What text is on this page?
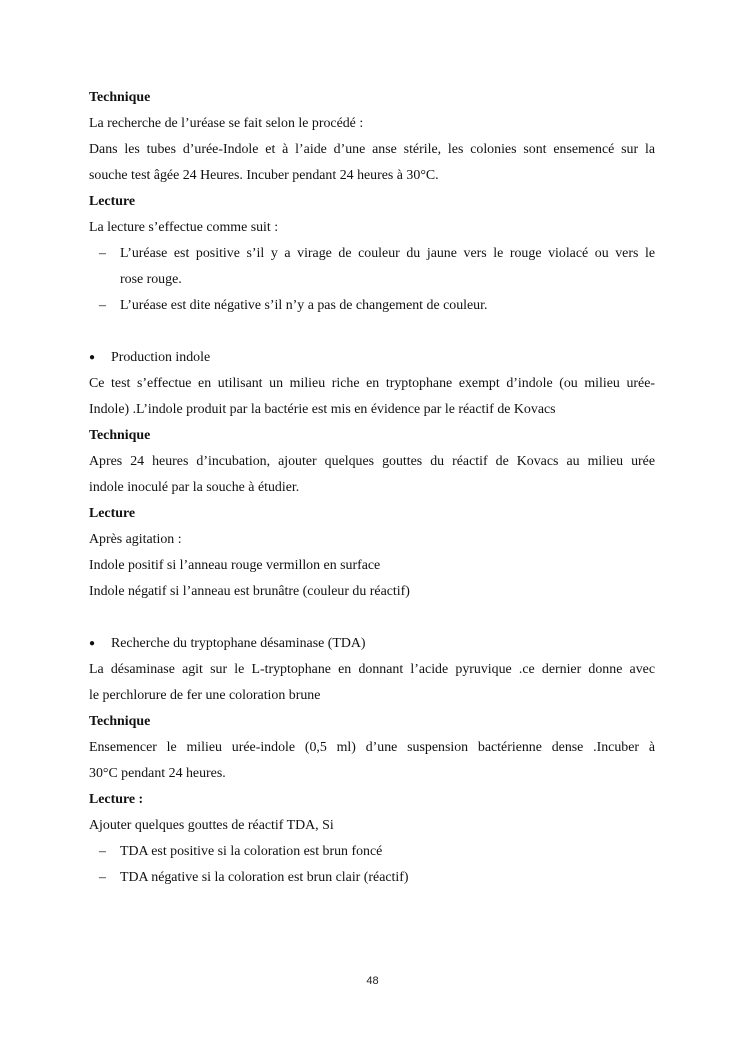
Technique

La recherche de l’uréase se fait selon le procédé :

Dans les tubes d’urée-Indole et à l’aide d’une anse stérile, les colonies sont ensemencé sur la

souche test âgée 24 Heures. Incuber pendant 24 heures à 30°C.

Lecture

La lecture s’effectue comme suit :

– L’uréase est positive s’il y a virage de couleur du jaune vers le rouge violacé ou vers le

rose rouge.

– L’uréase est dite négative s’il n’y a pas de changement de couleur.

● Production indole

Ce test s’effectue en utilisant un milieu riche en tryptophane exempt d’indole (ou milieu urée-

Indole) .L’indole produit par la bactérie est mis en évidence par le réactif de Kovacs

Technique

Apres 24 heures d’incubation, ajouter quelques gouttes du réactif de Kovacs au milieu urée

indole inoculé par la souche à étudier.

Lecture

Après agitation :

Indole positif si l’anneau rouge vermillon en surface

Indole négatif si l’anneau est brunâtre (couleur du réactif)

● Recherche du tryptophane désaminase (TDA)

La désaminase agit sur le L-tryptophane en donnant l’acide pyruvique .ce dernier donne avec

le perchlorure de fer une coloration brune

Technique

Ensemencer le milieu urée-indole (0,5 ml) d’une suspension bactérienne dense .Incuber à

30°C pendant 24 heures.

Lecture :

Ajouter quelques gouttes de réactif TDA, Si

– TDA est positive si la coloration est brun foncé

– TDA négative si la coloration est brun clair (réactif)

48
